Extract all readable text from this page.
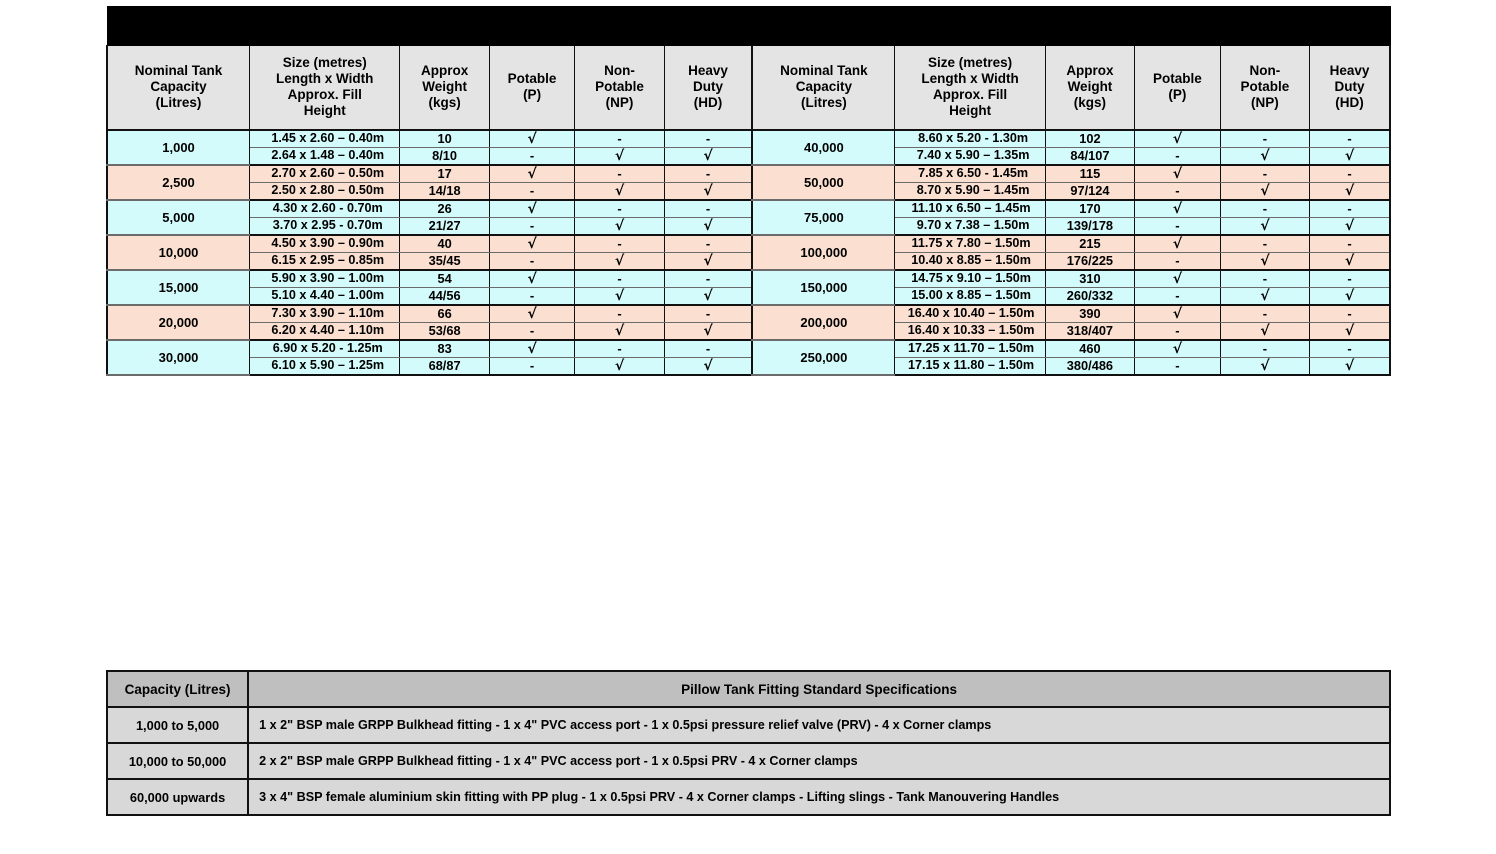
Pillow Tank weights and dimensions											
Nominal Tank
Capacity
(Litres)	Size (metres)
Length x Width
Approx. Fill
Height	Approx
Weight
(kgs)	Potable
(P)	Non-
Potable
(NP)	Heavy
Duty
(HD)	Nominal Tank
Capacity
(Litres)	Size (metres)
Length x Width
Approx. Fill
Height	Approx
Weight
(kgs)	Potable
(P)	Non-
Potable
(NP)	Heavy
Duty
(HD)
1,000	1.45 x 2.60 – 0.40m	10	√	-	-	40,000	8.60 x 5.20 - 1.30m	102	√	-	-
	2.64 x 1.48 – 0.40m	8/10	-	√	√		7.40 x 5.90 – 1.35m	84/107	-	√	√
2,500	2.70 x 2.60 – 0.50m	17	√	-	-	50,000	7.85 x 6.50 - 1.45m	115	√	-	-
	2.50 x 2.80 – 0.50m	14/18	-	√	√		8.70 x 5.90 – 1.45m	97/124	-	√	√
5,000	4.30 x 2.60 - 0.70m	26	√	-	-	75,000	11.10 x 6.50 – 1.45m	170	√	-	-
	3.70 x 2.95 - 0.70m	21/27	-	√	√		9.70 x 7.38 – 1.50m	139/178	-	√	√
10,000	4.50 x 3.90 – 0.90m	40	√	-	-	100,000	11.75 x 7.80 – 1.50m	215	√	-	-
	6.15 x 2.95 – 0.85m	35/45	-	√	√		10.40 x 8.85 – 1.50m	176/225	-	√	√
15,000	5.90 x 3.90 – 1.00m	54	√	-	-	150,000	14.75 x 9.10 – 1.50m	310	√	-	-
	5.10 x 4.40 – 1.00m	44/56	-	√	√		15.00 x 8.85 – 1.50m	260/332	-	√	√
20,000	7.30 x 3.90 – 1.10m	66	√	-	-	200,000	16.40 x 10.40 – 1.50m	390	√	-	-
	6.20 x 4.40 – 1.10m	53/68	-	√	√		16.40 x 10.33 – 1.50m	318/407	-	√	√
30,000	6.90 x 5.20 - 1.25m	83	√	-	-	250,000	17.25 x 11.70 – 1.50m	460	√	-	-
	6.10 x 5.90 – 1.25m	68/87	-	√	√		17.15 x 11.80 – 1.50m	380/486	-	√	√
Capacity (Litres)	Pillow Tank Fitting Standard Specifications
1,000 to 5,000	1 x 2" BSP male GRPP Bulkhead fitting - 1 x 4" PVC access port - 1 x 0.5psi pressure relief valve (PRV) - 4 x Corner clamps
10,000 to 50,000	2 x 2" BSP male GRPP Bulkhead fitting - 1 x 4" PVC access port - 1 x 0.5psi PRV - 4 x Corner clamps
60,000 upwards	3 x 4" BSP female aluminium skin fitting with PP plug - 1 x 0.5psi PRV - 4 x Corner clamps - Lifting slings - Tank Manouvering Handles
